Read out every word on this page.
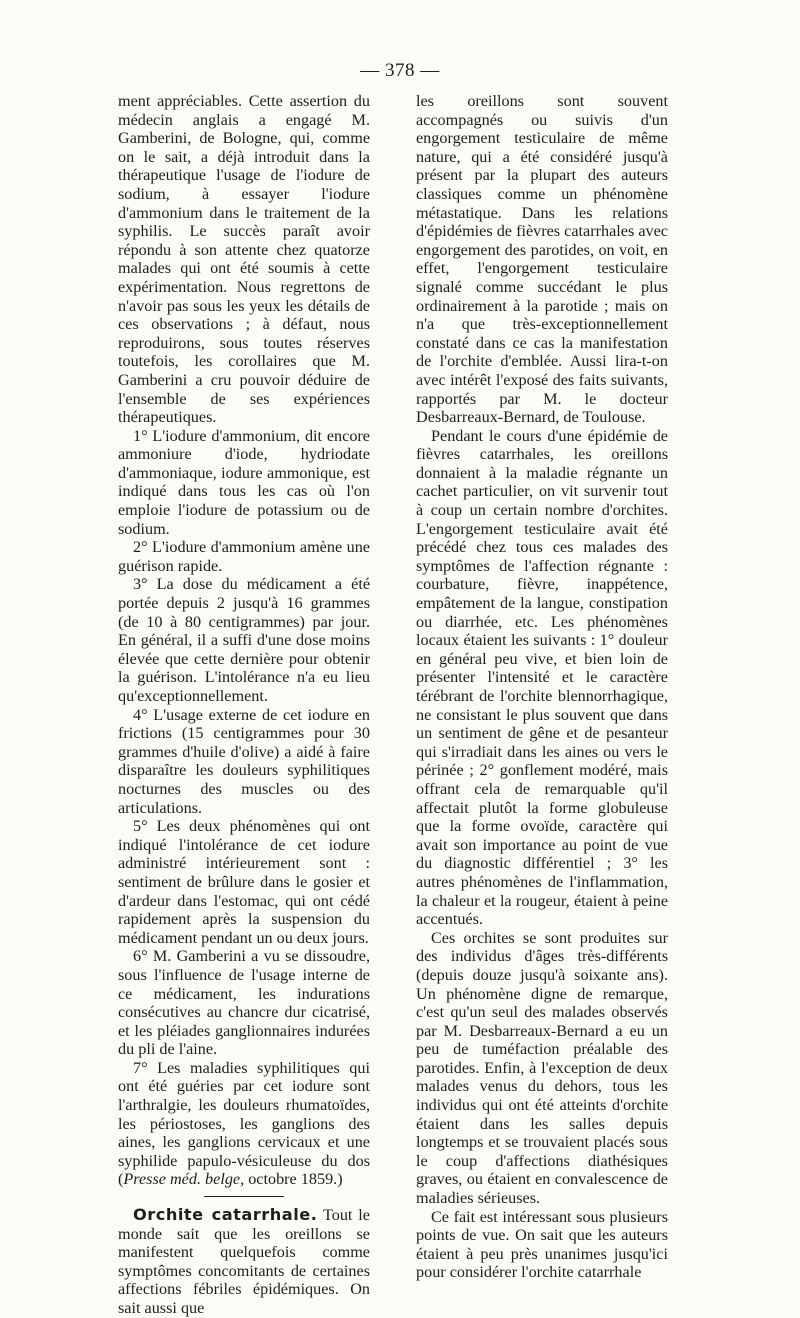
— 378 —

ment appréciables. Cette assertion du médecin anglais a engagé M. Gamberini, de Bologne, qui, comme on le sait, a déjà introduit dans la thérapeutique l'usage de l'iodure de sodium, à essayer l'iodure d'ammonium dans le traitement de la syphilis. Le succès paraît avoir répondu à son attente chez quatorze malades qui ont été soumis à cette expérimentation. Nous regrettons de n'avoir pas sous les yeux les détails de ces observations ; à défaut, nous reproduirons, sous toutes réserves toutefois, les corollaires que M. Gamberini a cru pouvoir déduire de l'ensemble de ses expériences thérapeutiques.

1° L'iodure d'ammonium, dit encore ammoniure d'iode, hydriodate d'ammoniaque, iodure ammonique, est indiqué dans tous les cas où l'on emploie l'iodure de potassium ou de sodium.

2° L'iodure d'ammonium amène une guérison rapide.

3° La dose du médicament a été portée depuis 2 jusqu'à 16 grammes (de 10 à 80 centigrammes) par jour. En général, il a suffi d'une dose moins élevée que cette dernière pour obtenir la guérison. L'intolérance n'a eu lieu qu'exceptionnellement.

4° L'usage externe de cet iodure en frictions (15 centigrammes pour 30 grammes d'huile d'olive) a aidé à faire disparaître les douleurs syphilitiques nocturnes des muscles ou des articulations.

5° Les deux phénomènes qui ont indiqué l'intolérance de cet iodure administré intérieurement sont : sentiment de brûlure dans le gosier et d'ardeur dans l'estomac, qui ont cédé rapidement après la suspension du médicament pendant un ou deux jours.

6° M. Gamberini a vu se dissoudre, sous l'influence de l'usage interne de ce médicament, les indurations consécutives au chancre dur cicatrisé, et les pléiades ganglionnaires indurées du pli de l'aine.

7° Les maladies syphilitiques qui ont été guéries par cet iodure sont l'arthralgie, les douleurs rhumatoïdes, les périostoses, les ganglions des aines, les ganglions cervicaux et une syphilide papulo-vésiculeuse du dos (Presse méd. belge, octobre 1859.)

Orchite catarrhale. Tout le monde sait que les oreillons se manifestent quelquefois comme symptômes concomitants de certaines affections fébriles épidémiques. On sait aussi que

les oreillons sont souvent accompagnés ou suivis d'un engorgement testiculaire de même nature, qui a été considéré jusqu'à présent par la plupart des auteurs classiques comme un phénomène métastatique. Dans les relations d'épidémies de fièvres catarrhales avec engorgement des parotides, on voit, en effet, l'engorgement testiculaire signalé comme succédant le plus ordinairement à la parotide ; mais on n'a que très-exceptionnellement constaté dans ce cas la manifestation de l'orchite d'emblée. Aussi lira-t-on avec intérêt l'exposé des faits suivants, rapportés par M. le docteur Desbarreaux-Bernard, de Toulouse.

Pendant le cours d'une épidémie de fièvres catarrhales, les oreillons donnaient à la maladie régnante un cachet particulier, on vit survenir tout à coup un certain nombre d'orchites. L'engorgement testiculaire avait été précédé chez tous ces malades des symptômes de l'affection régnante : courbature, fièvre, inappétence, empâtement de la langue, constipation ou diarrhée, etc. Les phénomènes locaux étaient les suivants : 1° douleur en général peu vive, et bien loin de présenter l'intensité et le caractère térébrant de l'orchite blennorrhagique, ne consistant le plus souvent que dans un sentiment de gêne et de pesanteur qui s'irradiait dans les aines ou vers le périnée ; 2° gonflement modéré, mais offrant cela de remarquable qu'il affectait plutôt la forme globuleuse que la forme ovoïde, caractère qui avait son importance au point de vue du diagnostic différentiel ; 3° les autres phénomènes de l'inflammation, la chaleur et la rougeur, étaient à peine accentués.

Ces orchites se sont produites sur des individus d'âges très-différents (depuis douze jusqu'à soixante ans). Un phénomène digne de remarque, c'est qu'un seul des malades observés par M. Desbarreaux-Bernard a eu un peu de tuméfaction préalable des parotides. Enfin, à l'exception de deux malades venus du dehors, tous les individus qui ont été atteints d'orchite étaient dans les salles depuis longtemps et se trouvaient placés sous le coup d'affections diathésiques graves, ou étaient en convalescence de maladies sérieuses.

Ce fait est intéressant sous plusieurs points de vue. On sait que les auteurs étaient à peu près unanimes jusqu'ici pour considérer l'orchite catarrhale
